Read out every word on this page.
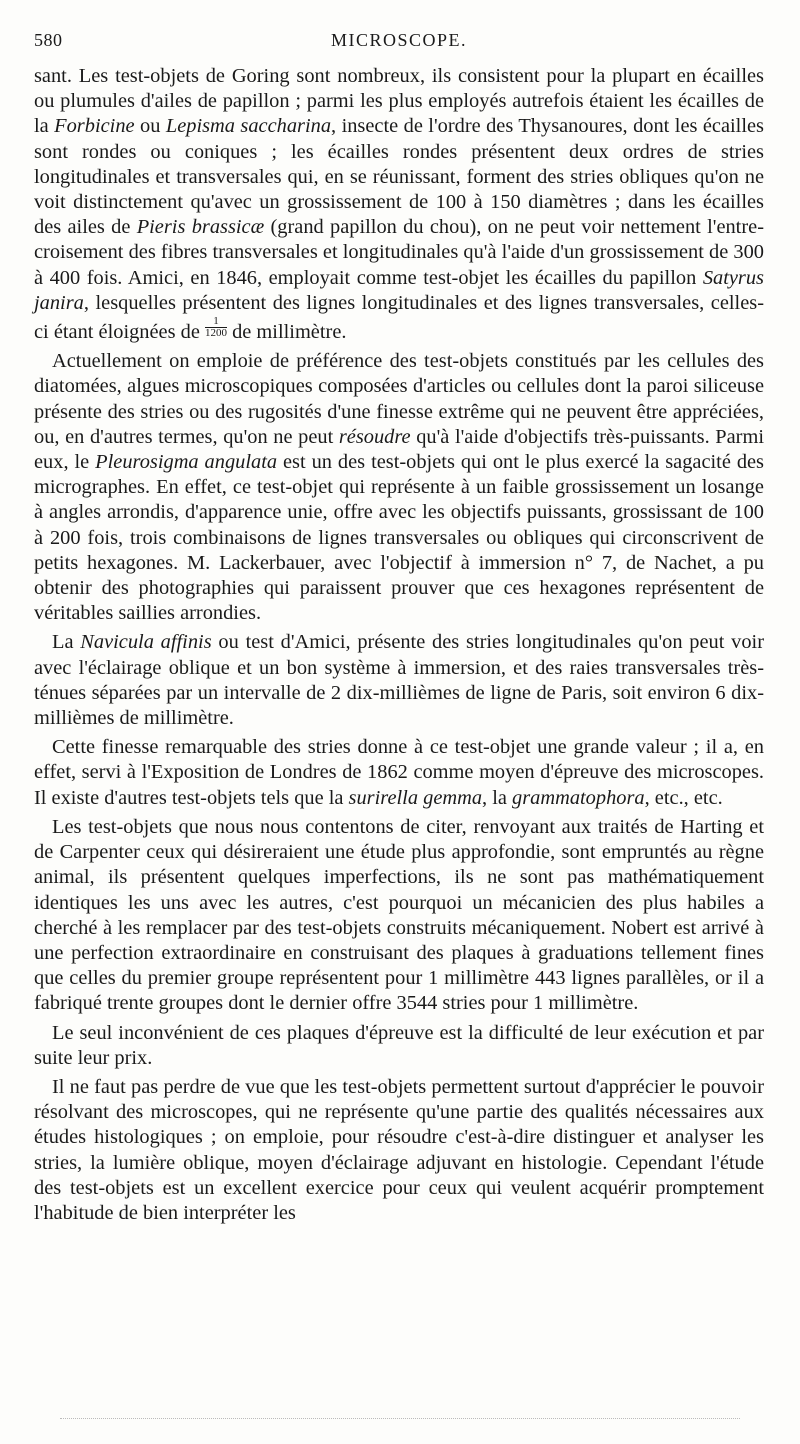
580	MICROSCOPE.

sant. Les test-objets de Goring sont nombreux, ils consistent pour la plupart en écailles ou plumules d'ailes de papillon ; parmi les plus employés autrefois étaient les écailles de la Forbicine ou Lepisma saccharina, insecte de l'ordre des Thysanoures, dont les écailles sont rondes ou coniques ; les écailles rondes présentent deux ordres de stries longitudinales et transversales qui, en se réunissant, forment des stries obliques qu'on ne voit distinctement qu'avec un grossissement de 100 à 150 diamètres ; dans les écailles des ailes de Pieris brassicæ (grand papillon du chou), on ne peut voir nettement l'entre-croisement des fibres transversales et longitudinales qu'à l'aide d'un grossissement de 300 à 400 fois. Amici, en 1846, employait comme test-objet les écailles du papillon Satyrus janira, lesquelles présentent des lignes longitudinales et des lignes transversales, celles-ci étant éloignées de $\frac{1}{1200}$ de millimètre.

Actuellement on emploie de préférence des test-objets constitués par les cellules des diatomées, algues microscopiques composées d'articles ou cellules dont la paroi siliceuse présente des stries ou des rugosités d'une finesse extrême qui ne peuvent être appréciées, ou, en d'autres termes, qu'on ne peut résoudre qu'à l'aide d'objectifs très-puissants. Parmi eux, le Pleurosigma angulata est un des test-objets qui ont le plus exercé la sagacité des micrographes. En effet, ce test-objet qui représente à un faible grossissement un losange à angles arrondis, d'apparence unie, offre avec les objectifs puissants, grossissant de 100 à 200 fois, trois combinaisons de lignes transversales ou obliques qui circonscrivent de petits hexagones. M. Lackerbauer, avec l'objectif à immersion n° 7, de Nachet, a pu obtenir des photographies qui paraissent prouver que ces hexagones représentent de véritables saillies arrondies.

La Navicula affinis ou test d'Amici, présente des stries longitudinales qu'on peut voir avec l'éclairage oblique et un bon système à immersion, et des raies transversales très-ténues séparées par un intervalle de 2 dix-millièmes de ligne de Paris, soit environ 6 dix-millièmes de millimètre.

Cette finesse remarquable des stries donne à ce test-objet une grande valeur ; il a, en effet, servi à l'Exposition de Londres de 1862 comme moyen d'épreuve des microscopes. Il existe d'autres test-objets tels que la surirella gemma, la grammatophora, etc., etc.

Les test-objets que nous nous contentons de citer, renvoyant aux traités de Harting et de Carpenter ceux qui désireraient une étude plus approfondie, sont empruntés au règne animal, ils présentent quelques imperfections, ils ne sont pas mathématiquement identiques les uns avec les autres, c'est pourquoi un mécanicien des plus habiles a cherché à les remplacer par des test-objets construits mécaniquement. Nobert est arrivé à une perfection extraordinaire en construisant des plaques à graduations tellement fines que celles du premier groupe représentent pour 1 millimètre 443 lignes parallèles, or il a fabriqué trente groupes dont le dernier offre 3544 stries pour 1 millimètre.

Le seul inconvénient de ces plaques d'épreuve est la difficulté de leur exécution et par suite leur prix.

Il ne faut pas perdre de vue que les test-objets permettent surtout d'apprécier le pouvoir résolvant des microscopes, qui ne représente qu'une partie des qualités nécessaires aux études histologiques ; on emploie, pour résoudre c'est-à-dire distinguer et analyser les stries, la lumière oblique, moyen d'éclairage adjuvant en histologie. Cependant l'étude des test-objets est un excellent exercice pour ceux qui veulent acquérir promptement l'habitude de bien interpréter les
